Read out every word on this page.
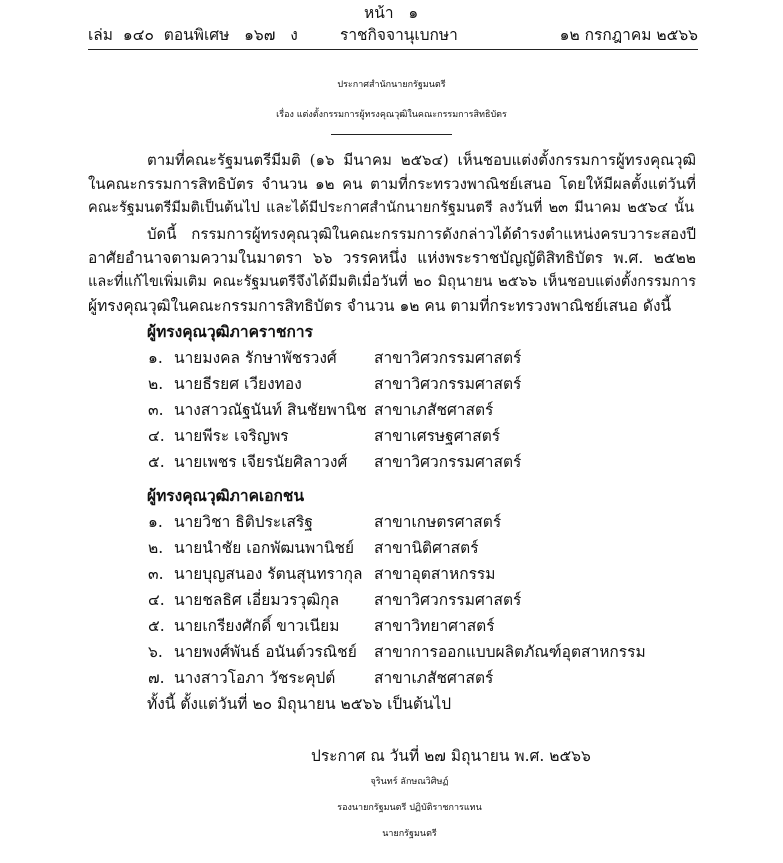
หน้า ๑
เล่ม ๑๔๐ ตอนพิเศษ ๑๖๗ ง	ราชกิจจานุเบกษา	๑๒ กรกฎาคม ๒๕๖๖
ประกาศสำนักนายกรัฐมนตรี
เรื่อง แต่งตั้งกรรมการผู้ทรงคุณวุฒิในคณะกรรมการสิทธิบัตร
ตามที่คณะรัฐมนตรีมีมติ (๑๖ มีนาคม ๒๕๖๔) เห็นชอบแต่งตั้งกรรมการผู้ทรงคุณวุฒิ
ในคณะกรรมการสิทธิบัตร จำนวน ๑๒ คน ตามที่กระทรวงพาณิชย์เสนอ โดยให้มีผลตั้งแต่วันที่
คณะรัฐมนตรีมีมติเป็นต้นไป และได้มีประกาศสำนักนายกรัฐมนตรี ลงวันที่ ๒๓ มีนาคม ๒๕๖๔ นั้น
บัดนี้ กรรมการผู้ทรงคุณวุฒิในคณะกรรมการดังกล่าวได้ดำรงตำแหน่งครบวาระสองปี
อาศัยอำนาจตามความในมาตรา ๖๖ วรรคหนึ่ง แห่งพระราชบัญญัติสิทธิบัตร พ.ศ. ๒๕๒๒
และที่แก้ไขเพิ่มเติม คณะรัฐมนตรีจึงได้มีมติเมื่อวันที่ ๒๐ มิถุนายน ๒๕๖๖ เห็นชอบแต่งตั้งกรรมการ
ผู้ทรงคุณวุฒิในคณะกรรมการสิทธิบัตร จำนวน ๑๒ คน ตามที่กระทรวงพาณิชย์เสนอ ดังนี้
ผู้ทรงคุณวุฒิภาคราชการ
๑. นายมงคล รักษาพัชรวงศ์ สาขาวิศวกรรมศาสตร์
๒. นายธีรยศ เวียงทอง	สาขาวิศวกรรมศาสตร์
๓. นางสาวณัฐนันท์ สินชัยพานิช สาขาเภสัชศาสตร์
๔. นายพีระ เจริญพร	สาขาเศรษฐศาสตร์
๕. นายเพชร เจียรนัยศิลาวงศ์ สาขาวิศวกรรมศาสตร์
ผู้ทรงคุณวุฒิภาคเอกชน
๑. นายวิชา ธิติประเสริฐ	สาขาเกษตรศาสตร์
๒. นายนำชัย เอกพัฒนพานิชย์ สาขานิติศาสตร์
๓. นายบุญสนอง รัตนสุนทรากุล สาขาอุตสาหกรรม
๔. นายชลธิศ เอี่ยมวรวุฒิกุล สาขาวิศวกรรมศาสตร์
๕. นายเกรียงศักดิ์ ขาวเนียม สาขาวิทยาศาสตร์
๖. นายพงศ์พันธ์ อนันต์วรณิชย์ สาขาการออกแบบผลิตภัณฑ์อุตสาหกรรม
๗. นางสาวโอภา วัชระคุปต์ สาขาเภสัชศาสตร์
ทั้งนี้ ตั้งแต่วันที่ ๒๐ มิถุนายน ๒๕๖๖ เป็นต้นไป
ประกาศ ณ วันที่ ๒๗ มิถุนายน พ.ศ. ๒๕๖๖
จุรินทร์ ลักษณวิศิษฏ์
รองนายกรัฐมนตรี ปฏิบัติราชการแทน
นายกรัฐมนตรี
